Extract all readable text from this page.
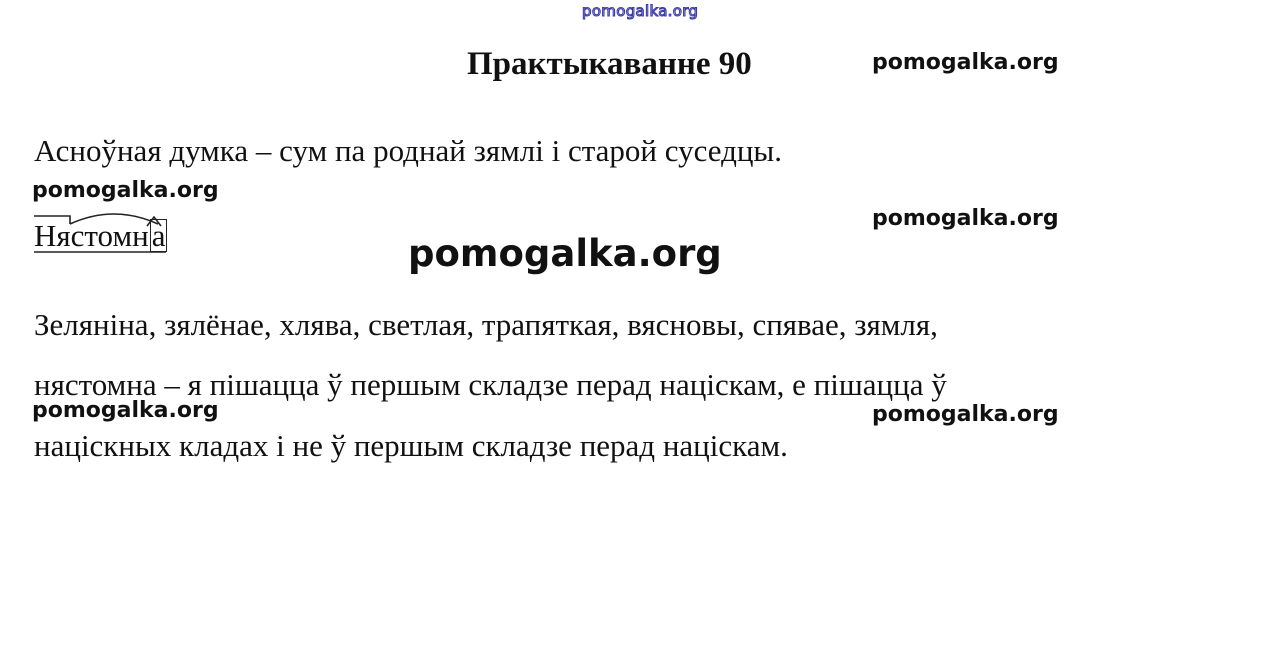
pomogalka.org
Практыкаванне 90	pomogalka.org
Асноўная думка – сум па роднай зямлі і старой суседцы.
pomogalka.org
pomogalka.org
Нястомна	pomogalka.org
Зеляніна, зялёнае, хлява, светлая, трапяткая, вясновы, спявае, зямля,
нястомна – я пішацца ў першым складзе перад націскам, е пішацца ў
pomogalka.org	pomogalka.org
націскных кладах і не ў першым складзе перад націскам.
